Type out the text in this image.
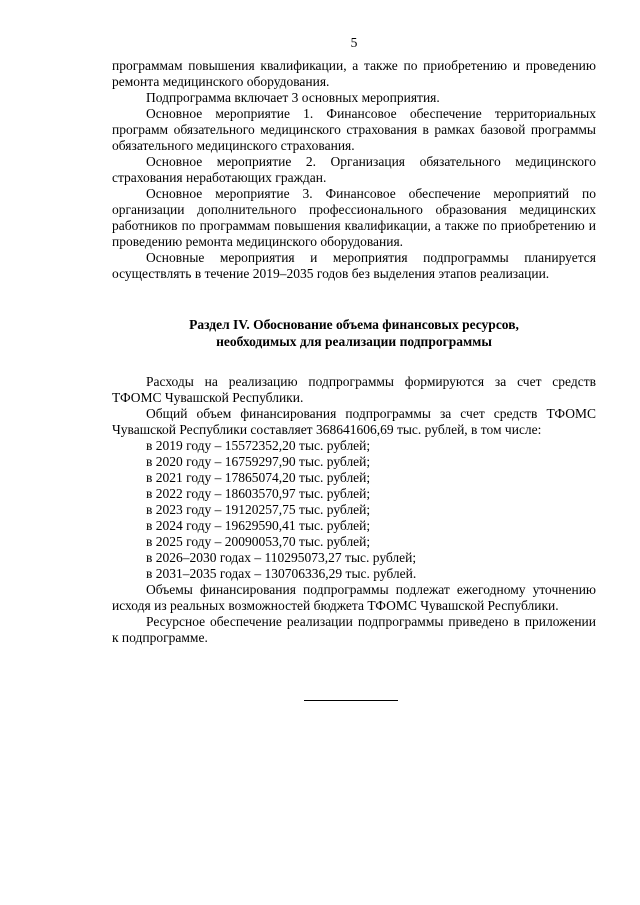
5

программам повышения квалификации, а также по приобретению и проведению ремонта медицинского оборудования.

Подпрограмма включает 3 основных мероприятия.

Основное мероприятие 1. Финансовое обеспечение территориальных программ обязательного медицинского страхования в рамках базовой программы обязательного медицинского страхования.

Основное мероприятие 2. Организация обязательного медицинского страхования неработающих граждан.

Основное мероприятие 3. Финансовое обеспечение мероприятий по организации дополнительного профессионального образования медицинских работников по программам повышения квалификации, а также по приобретению и проведению ремонта медицинского оборудования.

Основные мероприятия и мероприятия подпрограммы планируется осуществлять в течение 2019–2035 годов без выделения этапов реализации.

Раздел IV. Обоснование объема финансовых ресурсов,
необходимых для реализации подпрограммы

Расходы на реализацию подпрограммы формируются за счет средств ТФОМС Чувашской Республики.

Общий объем финансирования подпрограммы за счет средств ТФОМС Чувашской Республики составляет 368641606,69 тыс. рублей, в том числе:

в 2019 году – 15572352,20 тыс. рублей;
в 2020 году – 16759297,90 тыс. рублей;
в 2021 году – 17865074,20 тыс. рублей;
в 2022 году – 18603570,97 тыс. рублей;
в 2023 году – 19120257,75 тыс. рублей;
в 2024 году – 19629590,41 тыс. рублей;
в 2025 году – 20090053,70 тыс. рублей;
в 2026–2030 годах – 110295073,27 тыс. рублей;
в 2031–2035 годах – 130706336,29 тыс. рублей.

Объемы финансирования подпрограммы подлежат ежегодному уточнению исходя из реальных возможностей бюджета ТФОМС Чувашской Республики.

Ресурсное обеспечение реализации подпрограммы приведено в приложении к подпрограмме.
